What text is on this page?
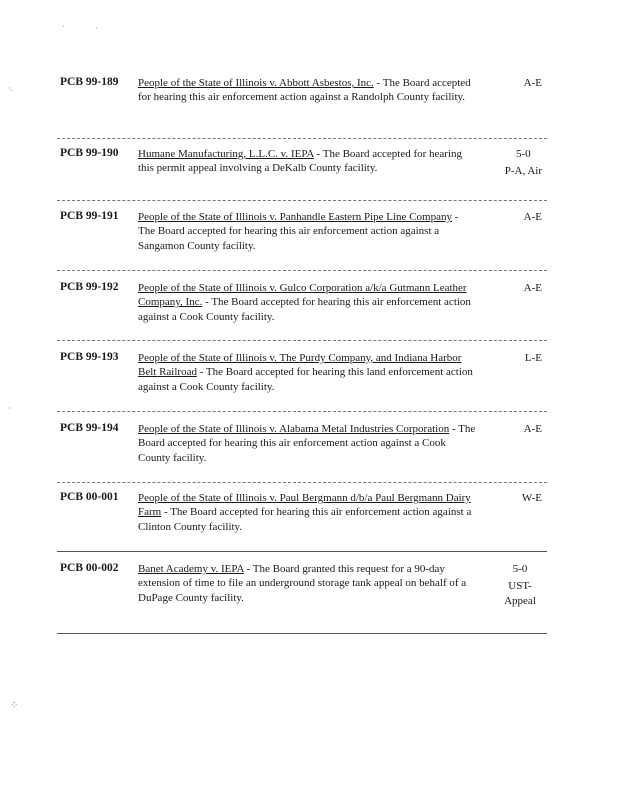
·	·
·.
·
⁘
PCB 99-189 People of the State of Illinois v. Abbott Asbestos, Inc. - The Board accepted for hearing this air enforcement action against a Randolph County facility.
A-E
PCB 99-190 Humane Manufacturing, L.L.C. v. IEPA - The Board accepted for hearing this permit appeal involving a DeKalb County facility.
5-0
P-A, Air
PCB 99-191 People of the State of Illinois v. Panhandle Eastern Pipe Line Company - The Board accepted for hearing this air enforcement action against a Sangamon County facility.
A-E
PCB 99-192 People of the State of Illinois v. Gulco Corporation a/k/a Gutmann Leather Company, Inc. - The Board accepted for hearing this air enforcement action against a Cook County facility.
A-E
PCB 99-193 People of the State of Illinois v. The Purdy Company, and Indiana Harbor Belt Railroad - The Board accepted for hearing this land enforcement action against a Cook County facility.
L-E
PCB 99-194 People of the State of Illinois v. Alabama Metal Industries Corporation - The Board accepted for hearing this air enforcement action against a Cook County facility.
A-E
PCB 00-001 People of the State of Illinois v. Paul Bergmann d/b/a Paul Bergmann Dairy Farm - The Board accepted for hearing this air enforcement action against a Clinton County facility.
W-E
PCB 00-002 Banet Academy v. IEPA - The Board granted this request for a 90-day extension of time to file an underground storage tank appeal on behalf of a DuPage County facility.
5-0
UST-Appeal
